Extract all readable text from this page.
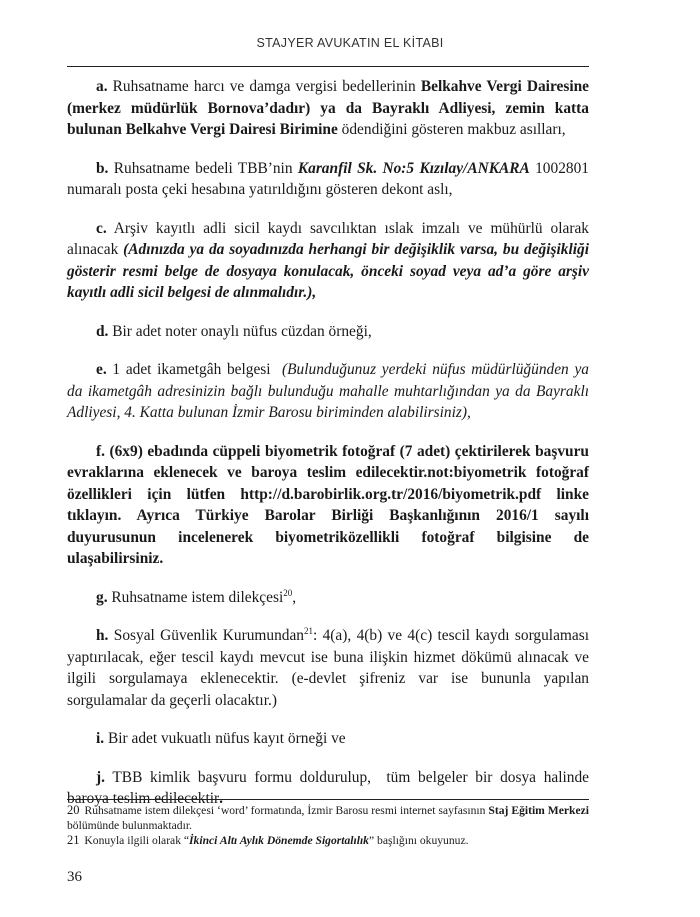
STAJYER AVUKATIN EL KİTABI

a. Ruhsatname harcı ve damga vergisi bedellerinin Belkahve Vergi Dairesine (merkez müdürlük Bornova’dadır) ya da Bayraklı Adliyesi, zemin katta bulunan Belkahve Vergi Dairesi Birimine ödendiğini gösteren makbuz asılları,

b. Ruhsatname bedeli TBB’nin Karanfil Sk. No:5 Kızılay/ANKARA 1002801 numaralı posta çeki hesabına yatırıldığını gösteren dekont aslı,

c. Arşiv kayıtlı adli sicil kaydı savcılıktan ıslak imzalı ve mühürlü olarak alınacak (Adınızda ya da soyadınızda herhangi bir değişiklik varsa, bu değişikliği gösterir resmi belge de dosyaya konulacak, önceki soyad veya ad’a göre arşiv kayıtlı adli sicil belgesi de alınmalıdır.),

d. Bir adet noter onaylı nüfus cüzdan örneği,

e. 1 adet ikametgâh belgesi  (Bulunduğunuz yerdeki nüfus müdürlüğünden ya da ikametgâh adresinizin bağlı bulunduğu mahalle muhtarlığından ya da Bayraklı Adliyesi, 4. Katta bulunan İzmir Barosu biriminden alabilirsiniz),

f. (6x9) ebadında cüppeli biyometrik fotoğraf (7 adet) çektirilerek başvuru evraklarına eklenecek ve baroya teslim edilecektir.not:biyometrik fotoğraf özellikleri için lütfen http://d.barobirlik.org.tr/2016/biyometrik.pdf linke tıklayın. Ayrıca Türkiye Barolar Birliği Başkanlığının 2016/1 sayılı duyurusunun incelenerek biyometriközellikli fotoğraf bilgisine de ulaşabilirsiniz.

g. Ruhsatname istem dilekçesi$^{20}$,

h. Sosyal Güvenlik Kurumundan$^{21}$: 4(a), 4(b) ve 4(c) tescil kaydı sorgulaması yaptırılacak, eğer tescil kaydı mevcut ise buna ilişkin hizmet dökümü alınacak ve ilgili sorgulamaya eklenecektir. (e-devlet şifreniz var ise bununla yapılan sorgulamalar da geçerli olacaktır.)

i. Bir adet vukuatlı nüfus kayıt örneği ve

j. TBB kimlik başvuru formu doldurulup,  tüm belgeler bir dosya halinde baroya teslim edilecektir.

20 Ruhsatname istem dilekçesi ‘word’ formatında, İzmir Barosu resmi internet sayfasının Staj Eğitim Merkezi bölümünde bulunmaktadır.

21 Konuyla ilgili olarak “İkinci Altı Aylık Dönemde Sigortalılık” başlığını okuyunuz.

36
